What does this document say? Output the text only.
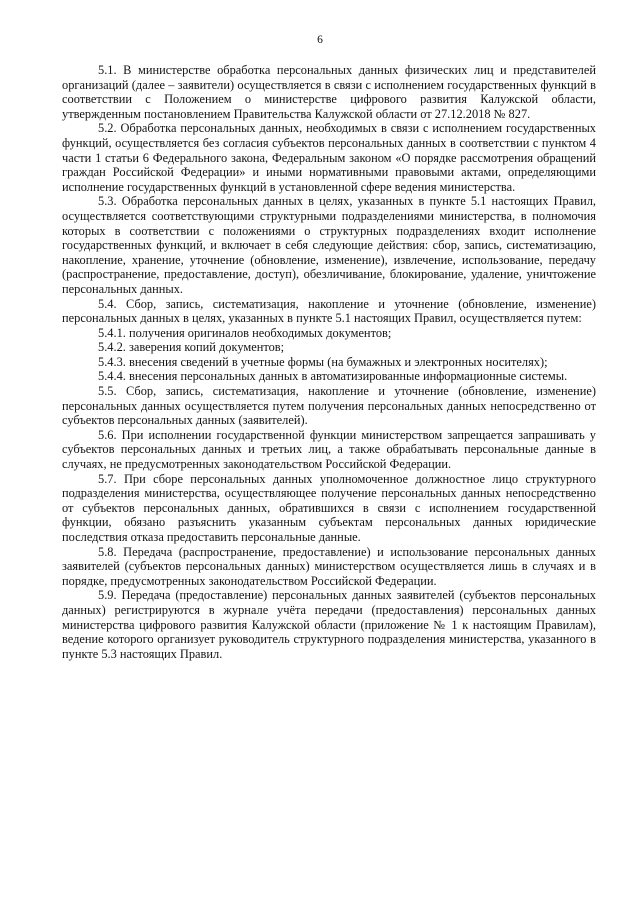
6

5.1. В министерстве обработка персональных данных физических лиц и представителей организаций (далее – заявители) осуществляется в связи с исполнением государственных функций в соответствии с Положением о министерстве цифрового развития Калужской области, утвержденным постановлением Правительства Калужской области от 27.12.2018 № 827.

5.2. Обработка персональных данных, необходимых в связи с исполнением государственных функций, осуществляется без согласия субъектов персональных данных в соответствии с пунктом 4 части 1 статьи 6 Федерального закона, Федеральным законом «О порядке рассмотрения обращений граждан Российской Федерации» и иными нормативными правовыми актами, определяющими исполнение государственных функций в установленной сфере ведения министерства.

5.3. Обработка персональных данных в целях, указанных в пункте 5.1 настоящих Правил, осуществляется соответствующими структурными подразделениями министерства, в полномочия которых в соответствии с положениями о структурных подразделениях входит исполнение государственных функций, и включает в себя следующие действия: сбор, запись, систематизацию, накопление, хранение, уточнение (обновление, изменение), извлечение, использование, передачу (распространение, предоставление, доступ), обезличивание, блокирование, удаление, уничтожение персональных данных.

5.4. Сбор, запись, систематизация, накопление и уточнение (обновление, изменение) персональных данных в целях, указанных в пункте 5.1 настоящих Правил, осуществляется путем:

5.4.1. получения оригиналов необходимых документов;

5.4.2. заверения копий документов;

5.4.3. внесения сведений в учетные формы (на бумажных и электронных носителях);

5.4.4. внесения персональных данных в автоматизированные информационные системы.

5.5. Сбор, запись, систематизация, накопление и уточнение (обновление, изменение) персональных данных осуществляется путем получения персональных данных непосредственно от субъектов персональных данных (заявителей).

5.6. При исполнении государственной функции министерством запрещается запрашивать у субъектов персональных данных и третьих лиц, а также обрабатывать персональные данные в случаях, не предусмотренных законодательством Российской Федерации.

5.7. При сборе персональных данных уполномоченное должностное лицо структурного подразделения министерства, осуществляющее получение персональных данных непосредственно от субъектов персональных данных, обратившихся в связи с исполнением государственной функции, обязано разъяснить указанным субъектам персональных данных юридические последствия отказа предоставить персональные данные.

5.8. Передача (распространение, предоставление) и использование персональных данных заявителей (субъектов персональных данных) министерством осуществляется лишь в случаях и в порядке, предусмотренных законодательством Российской Федерации.

5.9. Передача (предоставление) персональных данных заявителей (субъектов персональных данных) регистрируются в журнале учёта передачи (предоставления) персональных данных министерства цифрового развития Калужской области (приложение № 1 к настоящим Правилам), ведение которого организует руководитель структурного подразделения министерства, указанного в пункте 5.3 настоящих Правил.
